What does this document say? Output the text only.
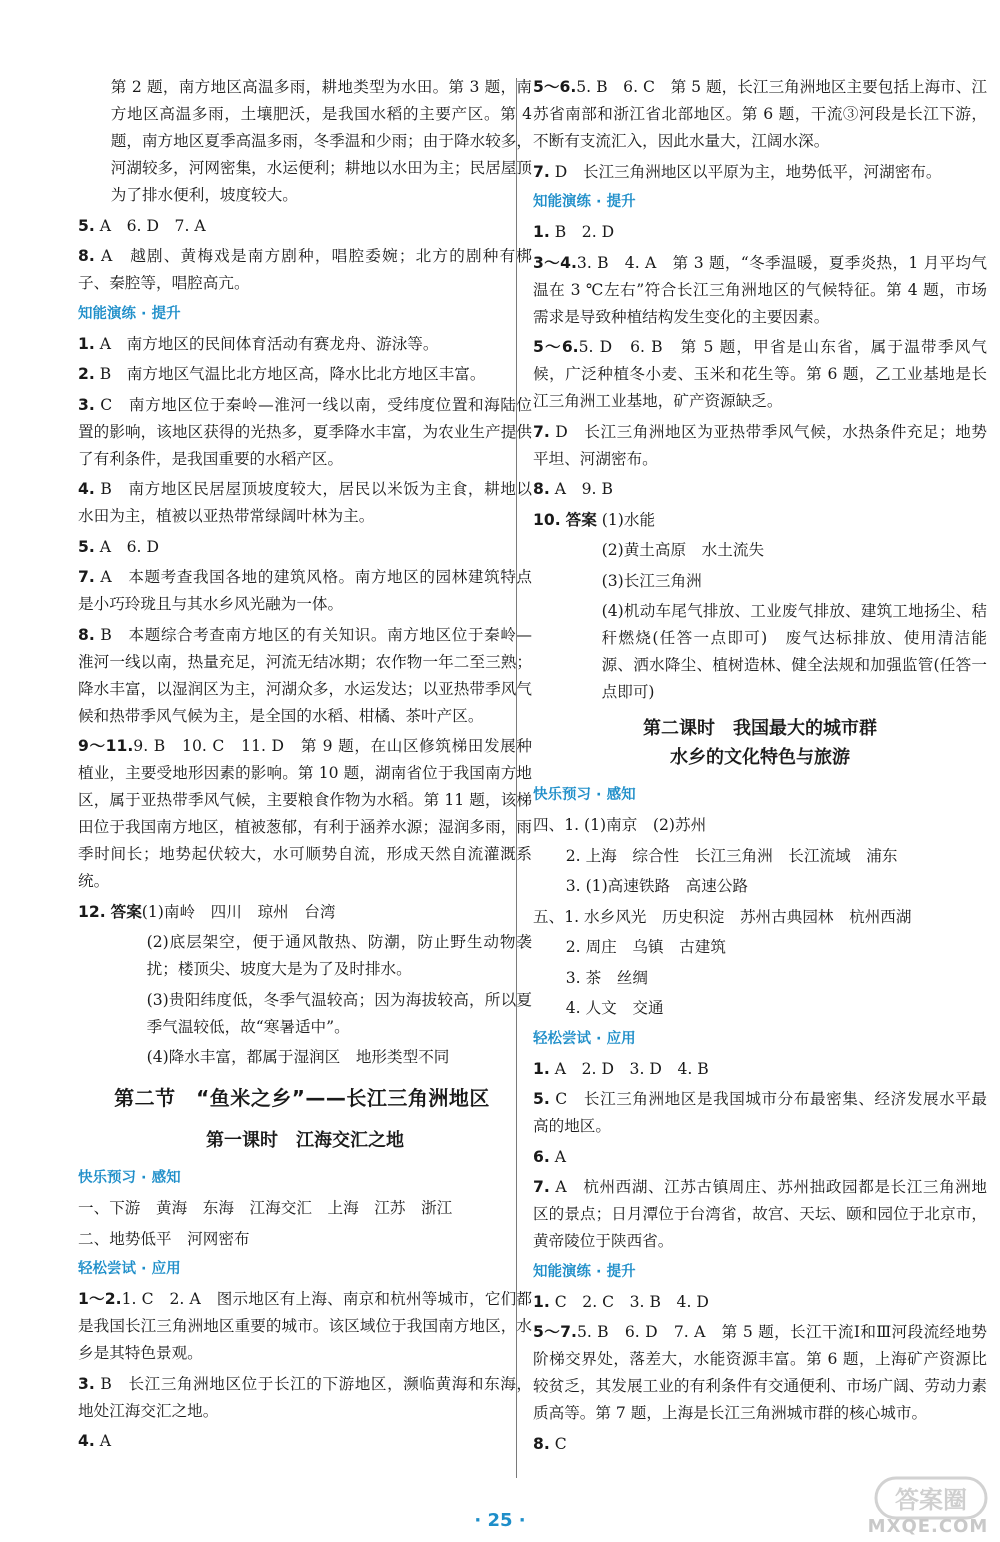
第 2 题，南方地区高温多雨，耕地类型为水田。第 3 题，南方地区高温多雨，土壤肥沃，是我国水稻的主要产区。第 4 题，南方地区夏季高温多雨，冬季温和少雨；由于降水较多，河湖较多，河网密集，水运便利；耕地以水田为主；民居屋顶为了排水便利，坡度较大。

5. A　6. D　7. A

8. A　越剧、黄梅戏是南方剧种，唱腔委婉；北方的剧种有梆子、秦腔等，唱腔高亢。

知能演练 · 提升

1. A　南方地区的民间体育活动有赛龙舟、游泳等。

2. B　南方地区气温比北方地区高，降水比北方地区丰富。

3. C　南方地区位于秦岭—淮河一线以南，受纬度位置和海陆位置的影响，该地区获得的光热多，夏季降水丰富，为农业生产提供了有利条件，是我国重要的水稻产区。

4. B　南方地区民居屋顶坡度较大，居民以米饭为主食，耕地以水田为主，植被以亚热带常绿阔叶林为主。

5. A　6. D

7. A　本题考查我国各地的建筑风格。南方地区的园林建筑特点是小巧玲珑且与其水乡风光融为一体。

8. B　本题综合考查南方地区的有关知识。南方地区位于秦岭—淮河一线以南，热量充足，河流无结冰期；农作物一年二至三熟；降水丰富，以湿润区为主，河湖众多，水运发达；以亚热带季风气候和热带季风气候为主，是全国的水稻、柑橘、茶叶产区。

9～11.9. B　10. C　11. D　第 9 题，在山区修筑梯田发展种植业，主要受地形因素的影响。第 10 题，湖南省位于我国南方地区，属于亚热带季风气候，主要粮食作物为水稻。第 11 题，该梯田位于我国南方地区，植被葱郁，有利于涵养水源；湿润多雨，雨季时间长；地势起伏较大，水可顺势自流，形成天然自流灌溉系统。

12. 答案(1)南岭　四川　琼州　台湾

(2)底层架空，便于通风散热、防潮，防止野生动物袭扰；楼顶尖、坡度大是为了及时排水。

(3)贵阳纬度低，冬季气温较高；因为海拔较高，所以夏季气温较低，故“寒暑适中”。

(4)降水丰富，都属于湿润区　地形类型不同

第二节　“鱼米之乡”——长江三角洲地区
第一课时　江海交汇之地
快乐预习 · 感知

一、下游　黄海　东海　江海交汇　上海　江苏　浙江

二、地势低平　河网密布

轻松尝试 · 应用

1～2.1. C　2. A　图示地区有上海、南京和杭州等城市，它们都是我国长江三角洲地区重要的城市。该区域位于我国南方地区，水乡是其特色景观。

3. B　长江三角洲地区位于长江的下游地区，濒临黄海和东海，地处江海交汇之地。

4. A

5～6.5. B　6. C　第 5 题，长江三角洲地区主要包括上海市、江苏省南部和浙江省北部地区。第 6 题，干流③河段是长江下游，不断有支流汇入，因此水量大，江阔水深。

7. D　长江三角洲地区以平原为主，地势低平，河湖密布。

知能演练 · 提升

1. B　2. D

3～4.3. B　4. A　第 3 题，“冬季温暖，夏季炎热，1 月平均气温在 3 ℃左右”符合长江三角洲地区的气候特征。第 4 题，市场需求是导致种植结构发生变化的主要因素。

5～6.5. D　6. B　第 5 题，甲省是山东省，属于温带季风气候，广泛种植冬小麦、玉米和花生等。第 6 题，乙工业基地是长江三角洲工业基地，矿产资源缺乏。

7. D　长江三角洲地区为亚热带季风气候，水热条件充足；地势平坦、河湖密布。

8. A　9. B

10. 答案 (1)水能

(2)黄土高原　水土流失

(3)长江三角洲

(4)机动车尾气排放、工业废气排放、建筑工地扬尘、秸秆燃烧(任答一点即可)　废气达标排放、使用清洁能源、洒水降尘、植树造林、健全法规和加强监管(任答一点即可)

第二课时　我国最大的城市群
水乡的文化特色与旅游
快乐预习 · 感知

四、1. (1)南京　(2)苏州

2. 上海　综合性　长江三角洲　长江流域　浦东

3. (1)高速铁路　高速公路

五、1. 水乡风光　历史积淀　苏州古典园林　杭州西湖

2. 周庄　乌镇　古建筑

3. 茶　丝绸

4. 人文　交通

轻松尝试 · 应用

1. A　2. D　3. D　4. B

5. C　长江三角洲地区是我国城市分布最密集、经济发展水平最高的地区。

6. A

7. A　杭州西湖、江苏古镇周庄、苏州拙政园都是长江三角洲地区的景点；日月潭位于台湾省，故宫、天坛、颐和园位于北京市，黄帝陵位于陕西省。

知能演练 · 提升

1. C　2. C　3. B　4. D

5～7.5. B　6. D　7. A　第 5 题，长江干流Ⅰ和Ⅲ河段流经地势阶梯交界处，落差大，水能资源丰富。第 6 题，上海矿产资源比较贫乏，其发展工业的有利条件有交通便利、市场广阔、劳动力素质高等。第 7 题，上海是长江三角洲城市群的核心城市。

8. C

· 25 ·
答案圈
MXQE.COM
